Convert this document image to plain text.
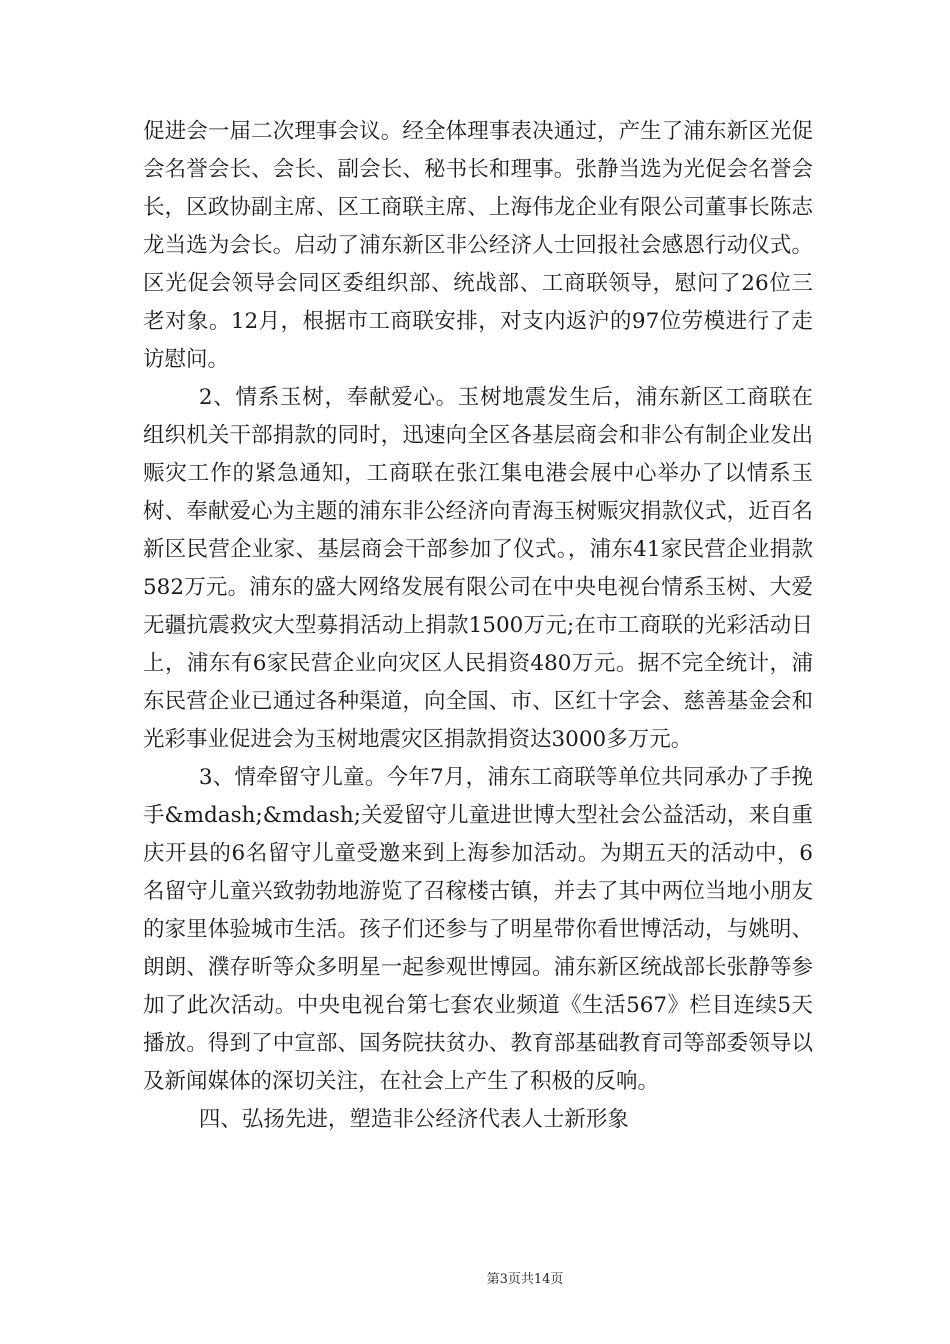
促进会一届二次理事会议。经全体理事表决通过，产生了浦东新区光促会名誉会长、会长、副会长、秘书长和理事。张静当选为光促会名誉会长，区政协副主席、区工商联主席、上海伟龙企业有限公司董事长陈志龙当选为会长。启动了浦东新区非公经济人士回报社会感恩行动仪式。区光促会领导会同区委组织部、统战部、工商联领导，慰问了26位三老对象。12月，根据市工商联安排，对支内返沪的97位劳模进行了走访慰问。

2、情系玉树，奉献爱心。玉树地震发生后，浦东新区工商联在组织机关干部捐款的同时，迅速向全区各基层商会和非公有制企业发出赈灾工作的紧急通知，工商联在张江集电港会展中心举办了以情系玉树、奉献爱心为主题的浦东非公经济向青海玉树赈灾捐款仪式，近百名新区民营企业家、基层商会干部参加了仪式。，浦东41家民营企业捐款582万元。浦东的盛大网络发展有限公司在中央电视台情系玉树、大爱无疆抗震救灾大型募捐活动上捐款1500万元;在市工商联的光彩活动日上，浦东有6家民营企业向灾区人民捐资480万元。据不完全统计，浦东民营企业已通过各种渠道，向全国、市、区红十字会、慈善基金会和光彩事业促进会为玉树地震灾区捐款捐资达3000多万元。

3、情牵留守儿童。今年7月，浦东工商联等单位共同承办了手挽手&mdash;&mdash;关爱留守儿童进世博大型社会公益活动，来自重庆开县的6名留守儿童受邀来到上海参加活动。为期五天的活动中，6名留守儿童兴致勃勃地游览了召稼楼古镇，并去了其中两位当地小朋友的家里体验城市生活。孩子们还参与了明星带你看世博活动，与姚明、朗朗、濮存昕等众多明星一起参观世博园。浦东新区统战部长张静等参加了此次活动。中央电视台第七套农业频道《生活567》栏目连续5天播放。得到了中宣部、国务院扶贫办、教育部基础教育司等部委领导以及新闻媒体的深切关注，在社会上产生了积极的反响。

四、弘扬先进，塑造非公经济代表人士新形象

第3页共14页
